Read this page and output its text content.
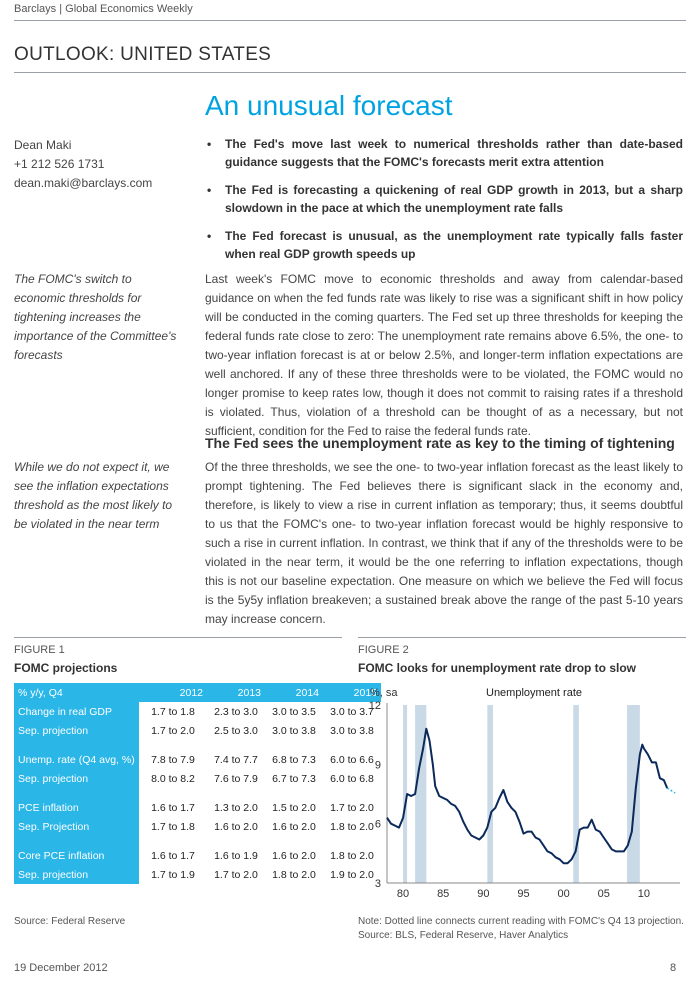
Barclays | Global Economics Weekly
OUTLOOK: UNITED STATES
An unusual forecast
Dean Maki
+1 212 526 1731
dean.maki@barclays.com
• The Fed's move last week to numerical thresholds rather than date-based guidance suggests that the FOMC's forecasts merit extra attention
• The Fed is forecasting a quickening of real GDP growth in 2013, but a sharp slowdown in the pace at which the unemployment rate falls
• The Fed forecast is unusual, as the unemployment rate typically falls faster when real GDP growth speeds up
The FOMC's switch to economic thresholds for tightening increases the importance of the Committee's forecasts

Last week's FOMC move to economic thresholds and away from calendar-based guidance on when the fed funds rate was likely to rise was a significant shift in how policy will be conducted in the coming quarters. The Fed set up three thresholds for keeping the federal funds rate close to zero: The unemployment rate remains above 6.5%, the one- to two-year inflation forecast is at or below 2.5%, and longer-term inflation expectations are well anchored. If any of these three thresholds were to be violated, the FOMC would no longer promise to keep rates low, though it does not commit to raising rates if a threshold is violated. Thus, violation of a threshold can be thought of as a necessary, but not sufficient, condition for the Fed to raise the federal funds rate.

The Fed sees the unemployment rate as key to the timing of tightening
While we do not expect it, we see the inflation expectations threshold as the most likely to be violated in the near term

Of the three thresholds, we see the one- to two-year inflation forecast as the least likely to prompt tightening. The Fed believes there is significant slack in the economy and, therefore, is likely to view a rise in current inflation as temporary; thus, it seems doubtful to us that the FOMC's one- to two-year inflation forecast would be highly responsive to such a rise in current inflation. In contrast, we think that if any of the thresholds were to be violated in the near term, it would be the one referring to inflation expectations, though this is not our baseline expectation. One measure on which we believe the Fed will focus is the 5y5y inflation breakeven; a sustained break above the range of the past 5-10 years may increase concern.

FIGURE 1
FOMC projections
% y/y, Q4	2012	2013	2014	2015
Change in real GDP	1.7 to 1.8	2.3 to 3.0	3.0 to 3.5	3.0 to 3.7
Sep. projection	1.7 to 2.0	2.5 to 3.0	3.0 to 3.8	3.0 to 3.8

Unemp. rate (Q4 avg, %)	7.8 to 7.9	7.4 to 7.7	6.8 to 7.3	6.0 to 6.6
Sep. projection	8.0 to 8.2	7.6 to 7.9	6.7 to 7.3	6.0 to 6.8

PCE inflation	1.6 to 1.7	1.3 to 2.0	1.5 to 2.0	1.7 to 2.0
Sep. Projection	1.7 to 1.8	1.6 to 2.0	1.6 to 2.0	1.8 to 2.0

Core PCE inflation	1.6 to 1.7	1.6 to 1.9	1.6 to 2.0	1.8 to 2.0
Sep. projection	1.7 to 1.9	1.7 to 2.0	1.8 to 2.0	1.9 to 2.0
Source: Federal Reserve
FIGURE 2
FOMC looks for unemployment rate drop to slow
3
6
9
12
80	85	90	95	00	05	10
%, sa	Unemployment rate
Note: Dotted line connects current reading with FOMC's Q4 13 projection.
Source: BLS, Federal Reserve, Haver Analytics
19 December 2012	8
